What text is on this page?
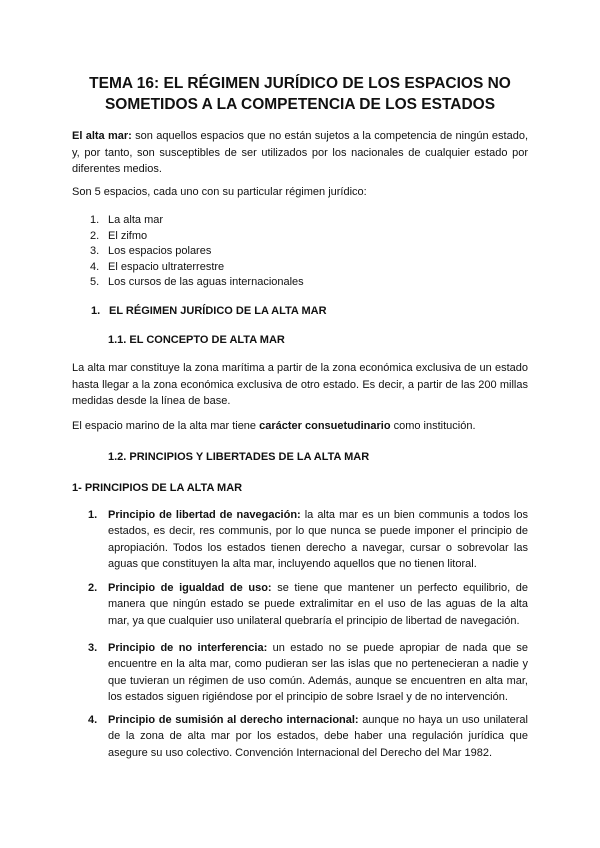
TEMA 16: EL RÉGIMEN JURÍDICO DE LOS ESPACIOS NO
SOMETIDOS A LA COMPETENCIA DE LOS ESTADOS

El alta mar: son aquellos espacios que no están sujetos a la competencia de ningún estado, y, por tanto, son susceptibles de ser utilizados por los nacionales de cualquier estado por diferentes medios.

Son 5 espacios, cada uno con su particular régimen jurídico:

1. La alta mar
2. El zifmo
3. Los espacios polares
4. El espacio ultraterrestre
5. Los cursos de las aguas internacionales
1. EL RÉGIMEN JURÍDICO DE LA ALTA MAR
1.1. EL CONCEPTO DE ALTA MAR

La alta mar constituye la zona marítima a partir de la zona económica exclusiva de un estado hasta llegar a la zona económica exclusiva de otro estado. Es decir, a partir de las 200 millas medidas desde la línea de base.

El espacio marino de la alta mar tiene carácter consuetudinario como institución.

1.2. PRINCIPIOS Y LIBERTADES DE LA ALTA MAR
1- PRINCIPIOS DE LA ALTA MAR

1. Principio de libertad de navegación: la alta mar es un bien communis a todos los estados, es decir, res communis, por lo que nunca se puede imponer el principio de apropiación. Todos los estados tienen derecho a navegar, cursar o sobrevolar las aguas que constituyen la alta mar, incluyendo aquellos que no tienen litoral.

2. Principio de igualdad de uso: se tiene que mantener un perfecto equilibrio, de manera que ningún estado se puede extralimitar en el uso de las aguas de la alta mar, ya que cualquier uso unilateral quebraría el principio de libertad de navegación.

3. Principio de no interferencia: un estado no se puede apropiar de nada que se encuentre en la alta mar, como pudieran ser las islas que no pertenecieran a nadie y que tuvieran un régimen de uso común. Además, aunque se encuentren en alta mar, los estados siguen rigiéndose por el principio de sobre Israel y de no intervención.

4. Principio de sumisión al derecho internacional: aunque no haya un uso unilateral de la zona de alta mar por los estados, debe haber una regulación jurídica que asegure su uso colectivo. Convención Internacional del Derecho del Mar 1982.
